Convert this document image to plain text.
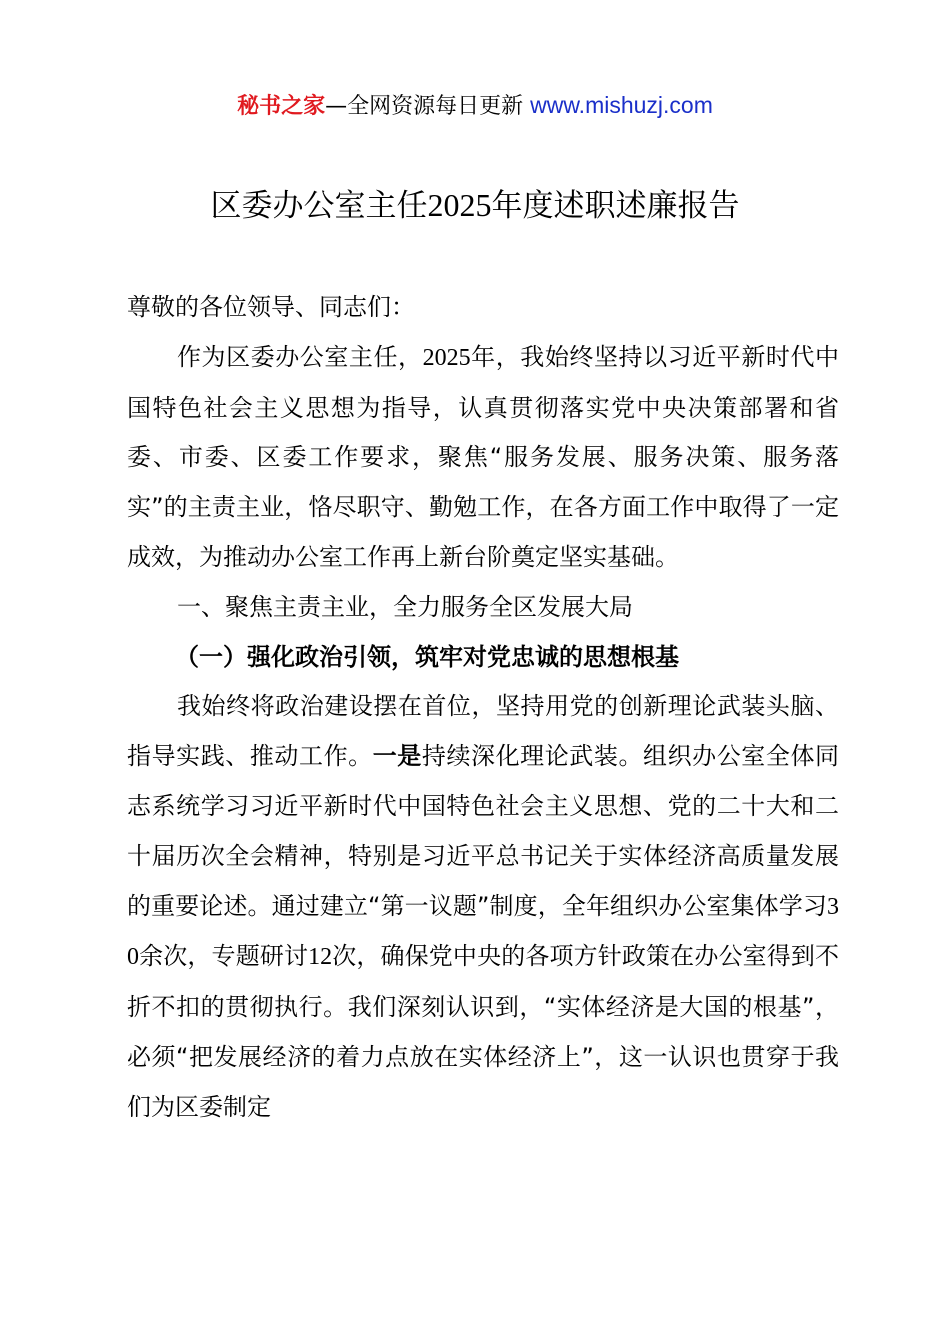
秘书之家—全网资源每日更新 www.mishuzj.com
区委办公室主任2025年度述职述廉报告

尊敬的各位领导、同志们：

作为区委办公室主任，2025年，我始终坚持以习近平新时代中国特色社会主义思想为指导，认真贯彻落实党中央决策部署和省委、市委、区委工作要求，聚焦“服务发展、服务决策、服务落实”的主责主业，恪尽职守、勤勉工作，在各方面工作中取得了一定成效，为推动办公室工作再上新台阶奠定坚实基础。

一、聚焦主责主业，全力服务全区发展大局

（一）强化政治引领，筑牢对党忠诚的思想根基

我始终将政治建设摆在首位，坚持用党的创新理论武装头脑、指导实践、推动工作。一是持续深化理论武装。组织办公室全体同志系统学习习近平新时代中国特色社会主义思想、党的二十大和二十届历次全会精神，特别是习近平总书记关于实体经济高质量发展的重要论述。通过建立“第一议题”制度，全年组织办公室集体学习30余次，专题研讨12次，确保党中央的各项方针政策在办公室得到不折不扣的贯彻执行。我们深刻认识到，“实体经济是大国的根基”，必须“把发展经济的着力点放在实体经济上”，这一认识也贯穿于我们为区委制定
